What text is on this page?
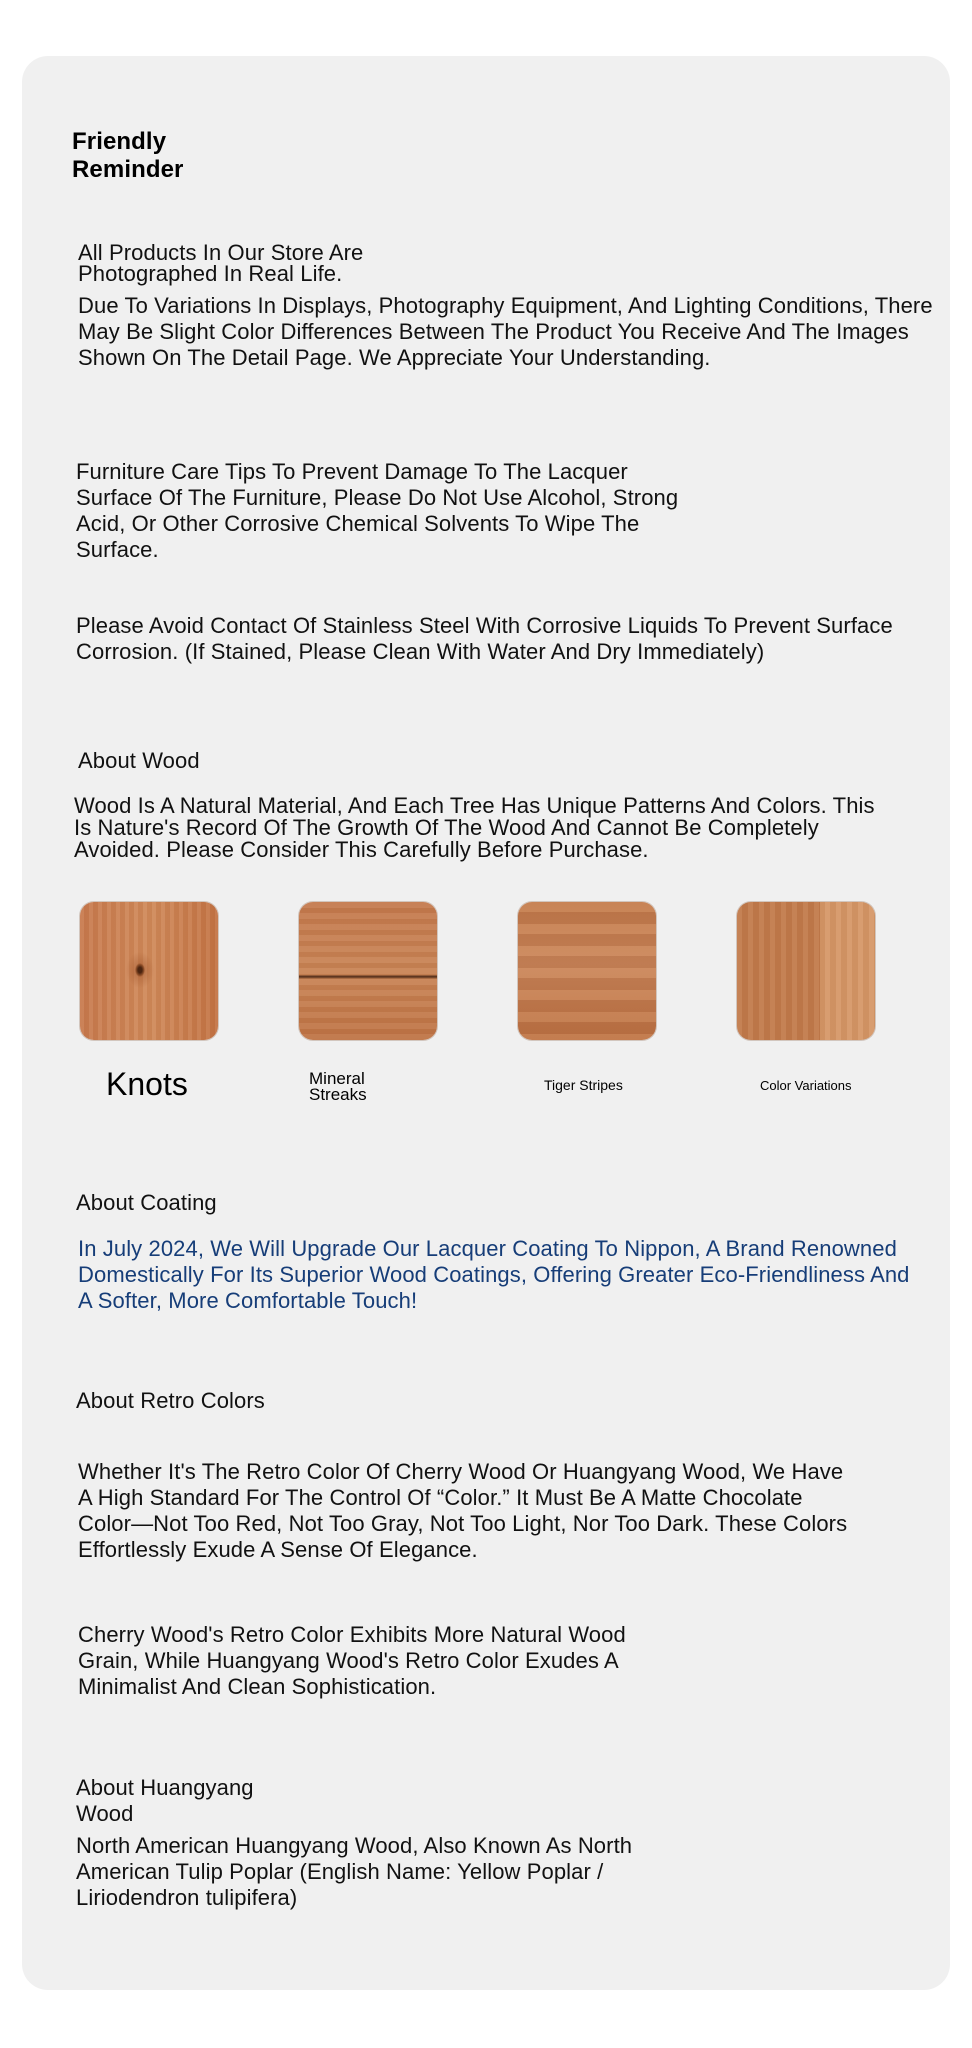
Friendly Reminder

All Products In Our Store Are Photographed In Real Life.

Due To Variations In Displays, Photography Equipment, And Lighting Conditions, There May Be Slight Color Differences Between The Product You Receive And The Images Shown On The Detail Page. We Appreciate Your Understanding.

Furniture Care Tips To Prevent Damage To The Lacquer Surface Of The Furniture, Please Do Not Use Alcohol, Strong Acid, Or Other Corrosive Chemical Solvents To Wipe The Surface.

Please Avoid Contact Of Stainless Steel With Corrosive Liquids To Prevent Surface Corrosion. (If Stained, Please Clean With Water And Dry Immediately)

About Wood

Wood Is A Natural Material, And Each Tree Has Unique Patterns And Colors. This Is Nature's Record Of The Growth Of The Wood And Cannot Be Completely Avoided. Please Consider This Carefully Before Purchase.

Knots	Mineral Streaks	Tiger Stripes	Color Variations

About Coating

In July 2024, We Will Upgrade Our Lacquer Coating To Nippon, A Brand Renowned Domestically For Its Superior Wood Coatings, Offering Greater Eco-Friendliness And A Softer, More Comfortable Touch!

About Retro Colors

Whether It's The Retro Color Of Cherry Wood Or Huangyang Wood, We Have A High Standard For The Control Of “Color.” It Must Be A Matte Chocolate Color—Not Too Red, Not Too Gray, Not Too Light, Nor Too Dark. These Colors Effortlessly Exude A Sense Of Elegance.

Cherry Wood's Retro Color Exhibits More Natural Wood Grain, While Huangyang Wood's Retro Color Exudes A Minimalist And Clean Sophistication.

About Huangyang Wood

North American Huangyang Wood, Also Known As North American Tulip Poplar (English Name: Yellow Poplar / Liriodendron tulipifera)
